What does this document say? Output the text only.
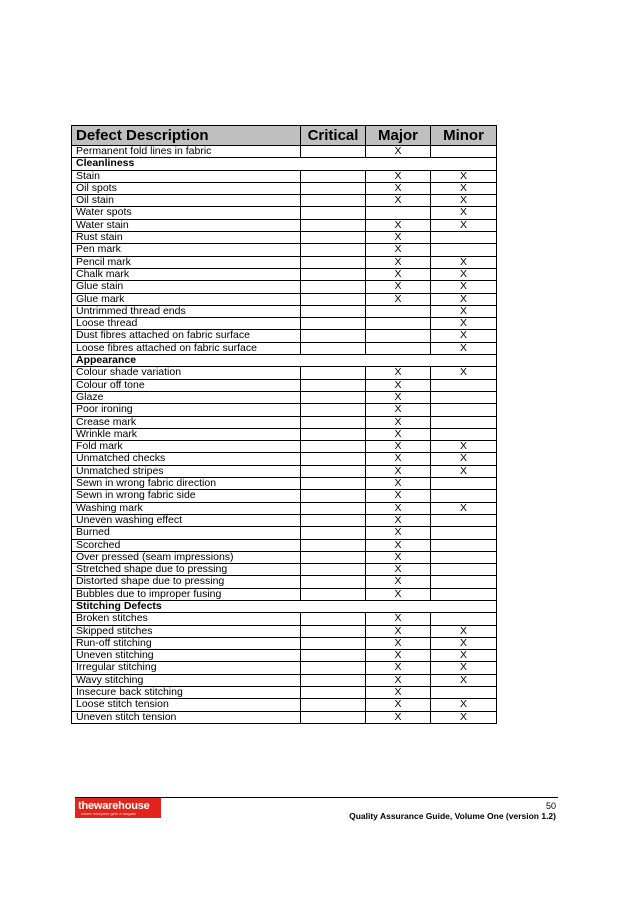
Defect Description	Critical	Major	Minor
Permanent fold lines in fabric		X	
Cleanliness			
Stain		X	X
Oil spots		X	X
Oil stain		X	X
Water spots			X
Water stain		X	X
Rust stain		X	
Pen mark		X	
Pencil mark		X	X
Chalk mark		X	X
Glue stain		X	X
Glue mark		X	X
Untrimmed thread ends			X
Loose thread			X
Dust fibres attached on fabric surface			X
Loose fibres attached on fabric surface			X
Appearance			
Colour shade variation		X	X
Colour off tone		X	
Glaze		X	
Poor ironing		X	
Crease mark		X	
Wrinkle mark		X	
Fold mark		X	X
Unmatched checks		X	X
Unmatched stripes		X	X
Sewn in wrong fabric direction		X	
Sewn in wrong fabric side		X	
Washing mark		X	X
Uneven washing effect		X	
Burned		X	
Scorched		X	
Over pressed (seam impressions)		X	
Stretched shape due to pressing		X	
Distorted shape due to pressing		X	
Bubbles due to improper fusing		X	
Stitching Defects			
Broken stitches		X	
Skipped stitches		X	X
Run-off stitching		X	X
Uneven stitching		X	X
Irregular stitching		X	X
Wavy stitching		X	X
Insecure back stitching		X	
Loose stitch tension		X	X
Uneven stitch tension		X	X
thewarehouse
where everyone gets a bargain
50
Quality Assurance Guide, Volume One (version 1.2)
